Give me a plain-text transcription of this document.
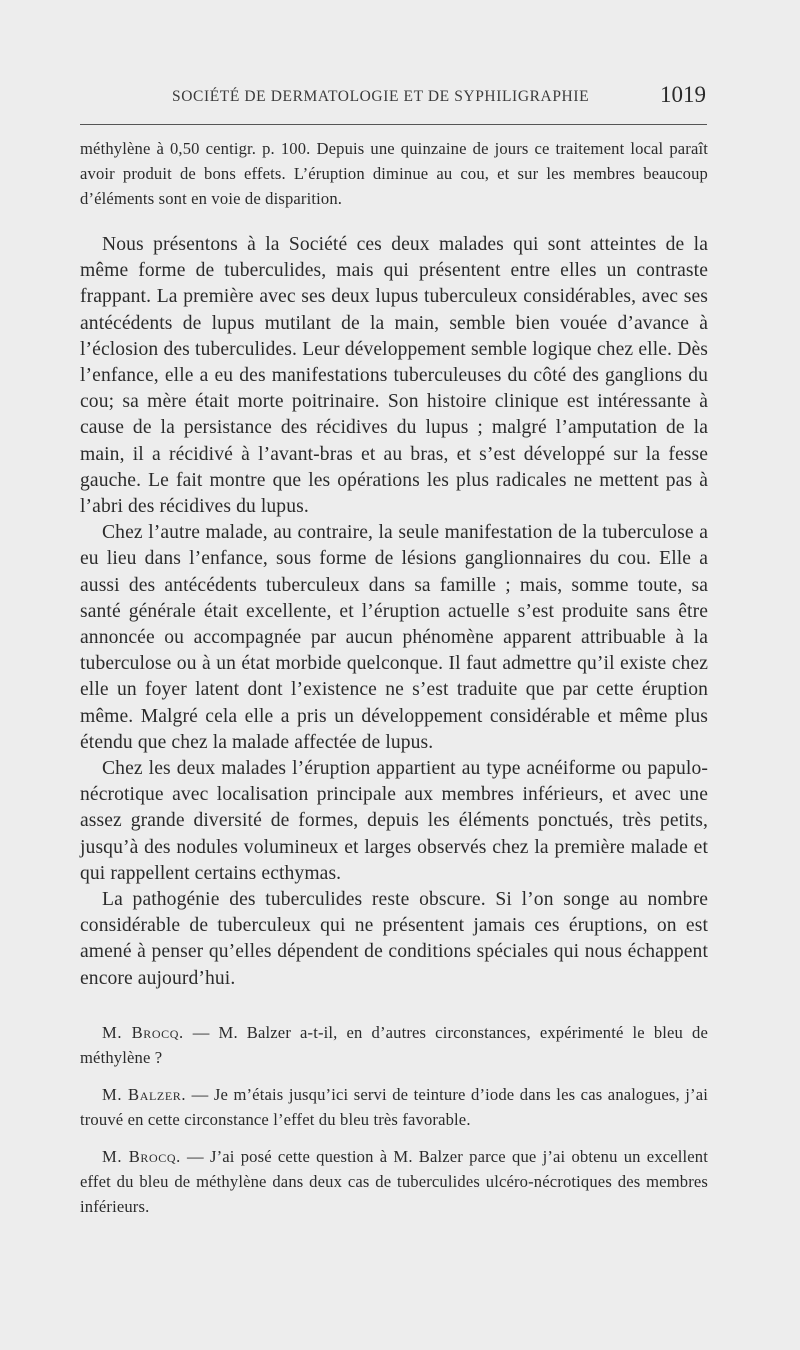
SOCIÉTÉ DE DERMATOLOGIE ET DE SYPHILIGRAPHIE	1019

méthylène à 0,50 centigr. p. 100. Depuis une quinzaine de jours ce traitement local paraît avoir produit de bons effets. L’éruption diminue au cou, et sur les membres beaucoup d’éléments sont en voie de disparition.

Nous présentons à la Société ces deux malades qui sont atteintes de la même forme de tuberculides, mais qui présentent entre elles un contraste frappant. La première avec ses deux lupus tuberculeux considérables, avec ses antécédents de lupus mutilant de la main, semble bien vouée d’avance à l’éclosion des tuberculides. Leur développement semble logique chez elle. Dès l’enfance, elle a eu des manifestations tuberculeuses du côté des ganglions du cou; sa mère était morte poitrinaire. Son histoire clinique est intéressante à cause de la persistance des récidives du lupus ; malgré l’amputation de la main, il a récidivé à l’avant-bras et au bras, et s’est développé sur la fesse gauche. Le fait montre que les opérations les plus radicales ne mettent pas à l’abri des récidives du lupus.

Chez l’autre malade, au contraire, la seule manifestation de la tuberculose a eu lieu dans l’enfance, sous forme de lésions ganglionnaires du cou. Elle a aussi des antécédents tuberculeux dans sa famille ; mais, somme toute, sa santé générale était excellente, et l’éruption actuelle s’est produite sans être annoncée ou accompagnée par aucun phénomène apparent attribuable à la tuberculose ou à un état morbide quelconque. Il faut admettre qu’il existe chez elle un foyer latent dont l’existence ne s’est traduite que par cette éruption même. Malgré cela elle a pris un développement considérable et même plus étendu que chez la malade affectée de lupus.

Chez les deux malades l’éruption appartient au type acnéiforme ou papulo-nécrotique avec localisation principale aux membres inférieurs, et avec une assez grande diversité de formes, depuis les éléments ponctués, très petits, jusqu’à des nodules volumineux et larges observés chez la première malade et qui rappellent certains ecthymas.

La pathogénie des tuberculides reste obscure. Si l’on songe au nombre considérable de tuberculeux qui ne présentent jamais ces éruptions, on est amené à penser qu’elles dépendent de conditions spéciales qui nous échappent encore aujourd’hui.

M. Brocq. — M. Balzer a-t-il, en d’autres circonstances, expérimenté le bleu de méthylène ?

M. Balzer. — Je m’étais jusqu’ici servi de teinture d’iode dans les cas analogues, j’ai trouvé en cette circonstance l’effet du bleu très favorable.

M. Brocq. — J’ai posé cette question à M. Balzer parce que j’ai obtenu un excellent effet du bleu de méthylène dans deux cas de tuberculides ulcéro-nécrotiques des membres inférieurs.
